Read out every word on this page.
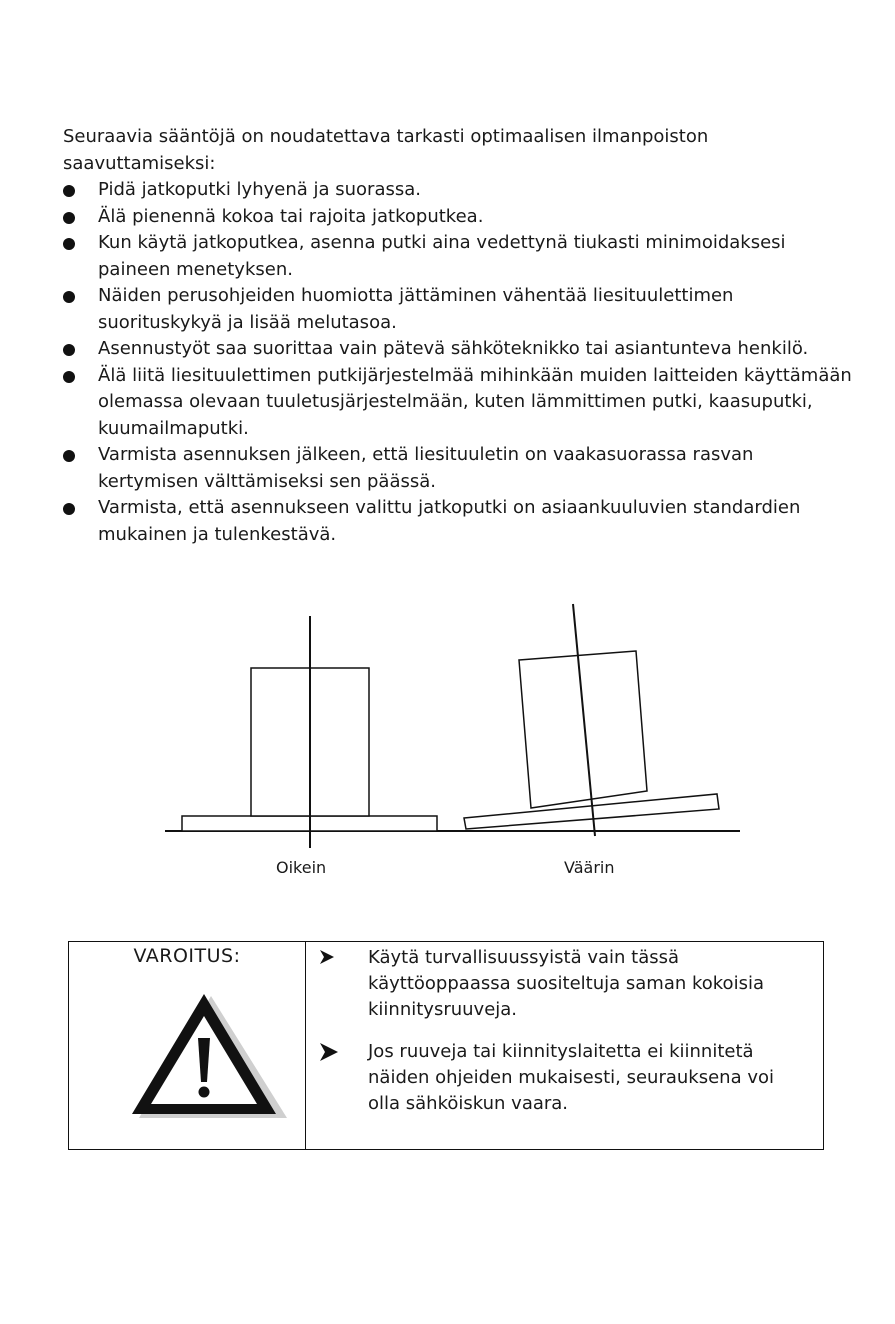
Seuraavia sääntöjä on noudatettava tarkasti optimaalisen ilmanpoiston saavuttamiseksi:

Pidä jatkoputki lyhyenä ja suorassa.
Älä pienennä kokoa tai rajoita jatkoputkea.
Kun käytä jatkoputkea, asenna putki aina vedettynä tiukasti minimoidaksesi paineen menetyksen.
Näiden perusohjeiden huomiotta jättäminen vähentää liesituulettimen suorituskykyä ja lisää melutasoa.
Asennustyöt saa suorittaa vain pätevä sähköteknikko tai asiantunteva henkilö.
Älä liitä liesituulettimen putkijärjestelmää mihinkään muiden laitteiden käyttämään olemassa olevaan tuuletusjärjestelmään, kuten lämmittimen putki, kaasuputki, kuumailmaputki.
Varmista asennuksen jälkeen, että liesituuletin on vaakasuorassa rasvan kertymisen välttämiseksi sen päässä.
Varmista, että asennukseen valittu jatkoputki on asiaankuuluvien standardien mukainen ja tulenkestävä.
Oikein	Väärin
VAROITUS:	Käytä turvallisuussyistä vain tässä käyttöoppaassa suositeltuja saman kokoisia kiinnitysruuveja.
Jos ruuveja tai kiinnityslaitetta ei kiinnitetä näiden ohjeiden mukaisesti, seurauksena voi olla sähköiskun vaara.
